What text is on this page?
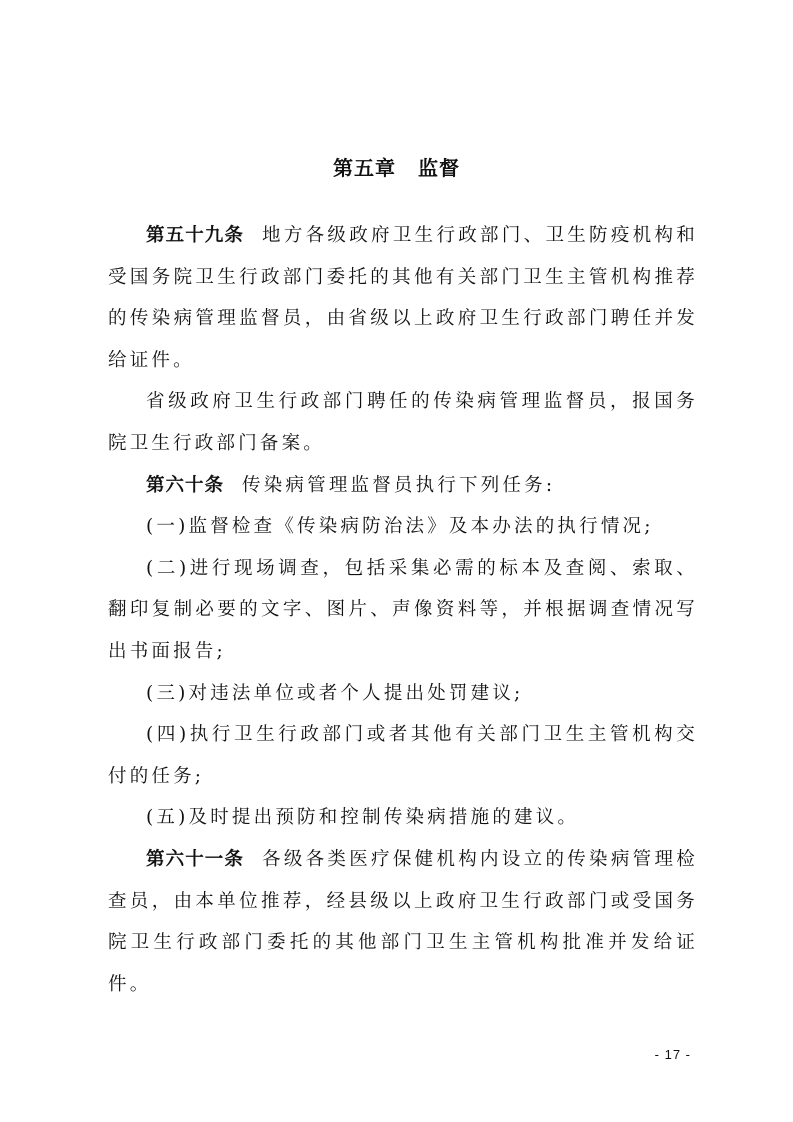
第五章 监督

第五十九条 地方各级政府卫生行政部门、卫生防疫机构和受国务院卫生行政部门委托的其他有关部门卫生主管机构推荐的传染病管理监督员，由省级以上政府卫生行政部门聘任并发给证件。

省级政府卫生行政部门聘任的传染病管理监督员，报国务院卫生行政部门备案。

第六十条 传染病管理监督员执行下列任务:

(一)监督检查《传染病防治法》及本办法的执行情况;

(二)进行现场调查，包括采集必需的标本及查阅、索取、翻印复制必要的文字、图片、声像资料等，并根据调查情况写出书面报告;

(三)对违法单位或者个人提出处罚建议;

(四)执行卫生行政部门或者其他有关部门卫生主管机构交付的任务;

(五)及时提出预防和控制传染病措施的建议。

第六十一条 各级各类医疗保健机构内设立的传染病管理检查员，由本单位推荐，经县级以上政府卫生行政部门或受国务院卫生行政部门委托的其他部门卫生主管机构批准并发给证件。

- 17 -
